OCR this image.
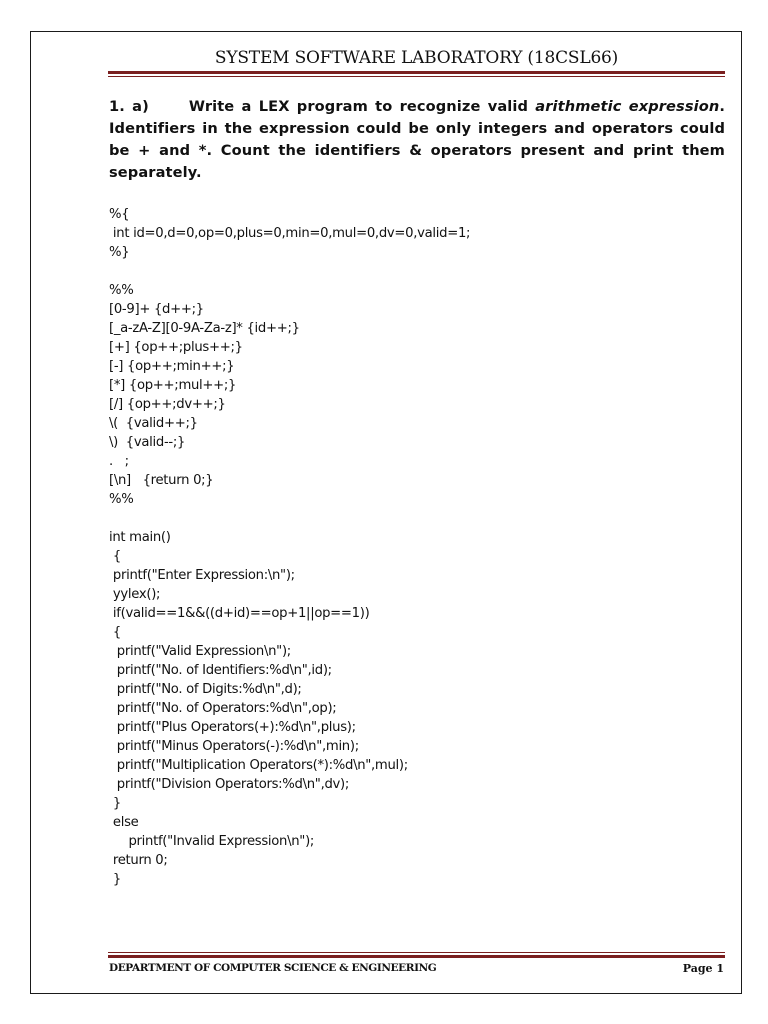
SYSTEM SOFTWARE LABORATORY (18CSL66)
1. a)	Write a LEX program to recognize valid arithmetic expression. Identifiers in the expression could be only integers and operators could be + and *. Count the identifiers & operators present and print them separately.
%{
int id=0,d=0,op=0,plus=0,min=0,mul=0,dv=0,valid=1;
%}
%%
[0-9]+ {d++;}
[_a-zA-Z][0-9A-Za-z]* {id++;}
[+] {op++;plus++;}
[-] {op++;min++;}
[*] {op++;mul++;}
[/] {op++;dv++;}
\(  {valid++;}
\)  {valid--;}
.   ;
[\n]   {return 0;}
%%
int main()
{
printf("Enter Expression:\n");
yylex();
if(valid==1&&((d+id)==op+1||op==1))
{
printf("Valid Expression\n");
printf("No. of Identifiers:%d\n",id);
printf("No. of Digits:%d\n",d);
printf("No. of Operators:%d\n",op);
printf("Plus Operators(+):%d\n",plus);
printf("Minus Operators(-):%d\n",min);
printf("Multiplication Operators(*):%d\n",mul);
printf("Division Operators:%d\n",dv);
}
else
printf("Invalid Expression\n");
return 0;
}
DEPARTMENT OF COMPUTER SCIENCE & ENGINEERING	Page 1
